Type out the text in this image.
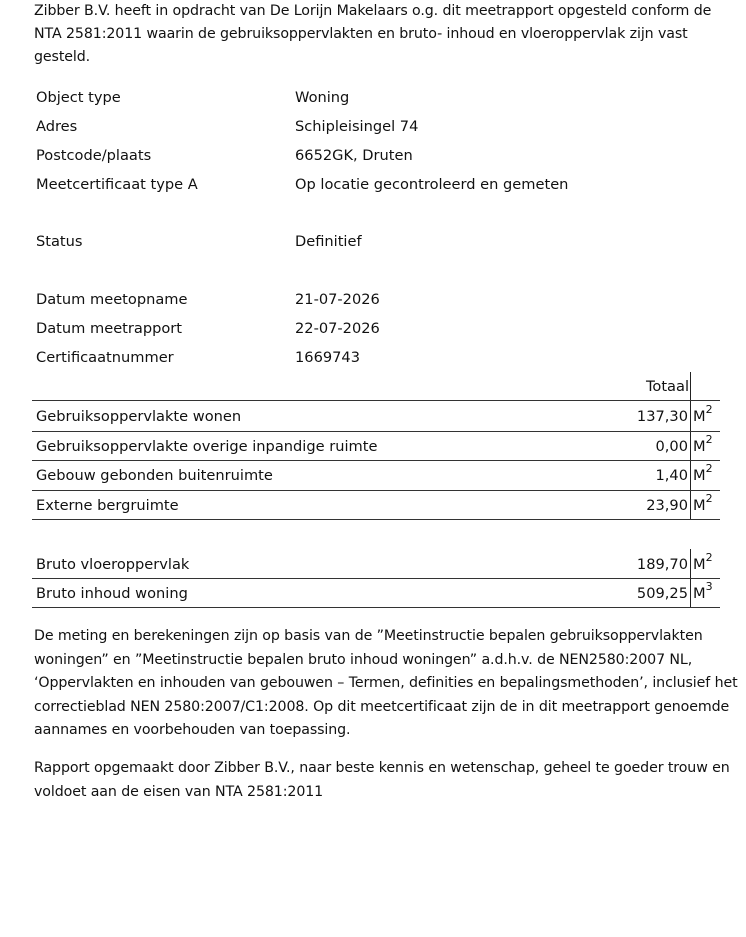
Zibber B.V. heeft in opdracht van De Lorijn Makelaars o.g. dit meetrapport opgesteld conform de NTA 2581:2011 waarin de gebruiksoppervlakten en bruto- inhoud en vloeroppervlak zijn vast gesteld.
Object type	Woning
Adres	Schipleisingel 74
Postcode/plaats	6652GK, Druten
Meetcertificaat type A	Op locatie gecontroleerd en gemeten
Status	Definitief
Datum meetopname	21-07-2026
Datum meetrapport	22-07-2026
Certificaatnummer	1669743
Totaal
Gebruiksoppervlakte wonen	137,30 $M^2$
Gebruiksoppervlakte overige inpandige ruimte	0,00 $M^2$
Gebouw gebonden buitenruimte	1,40 $M^2$
Externe bergruimte	23,90 $M^2$
Bruto vloeroppervlak	189,70 $M^2$
Bruto inhoud woning	509,25 $M^3$
De meting en berekeningen zijn op basis van de ”Meetinstructie bepalen gebruiksoppervlakten woningen” en ”Meetinstructie bepalen bruto inhoud woningen” a.d.h.v. de NEN2580:2007 NL, ‘Oppervlakten en inhouden van gebouwen – Termen, definities en bepalingsmethoden’, inclusief het correctieblad NEN 2580:2007/C1:2008. Op dit meetcertificaat zijn de in dit meetrapport genoemde aannames en voorbehouden van toepassing.
Rapport opgemaakt door Zibber B.V., naar beste kennis en wetenschap, geheel te goeder trouw en voldoet aan de eisen van NTA 2581:2011
